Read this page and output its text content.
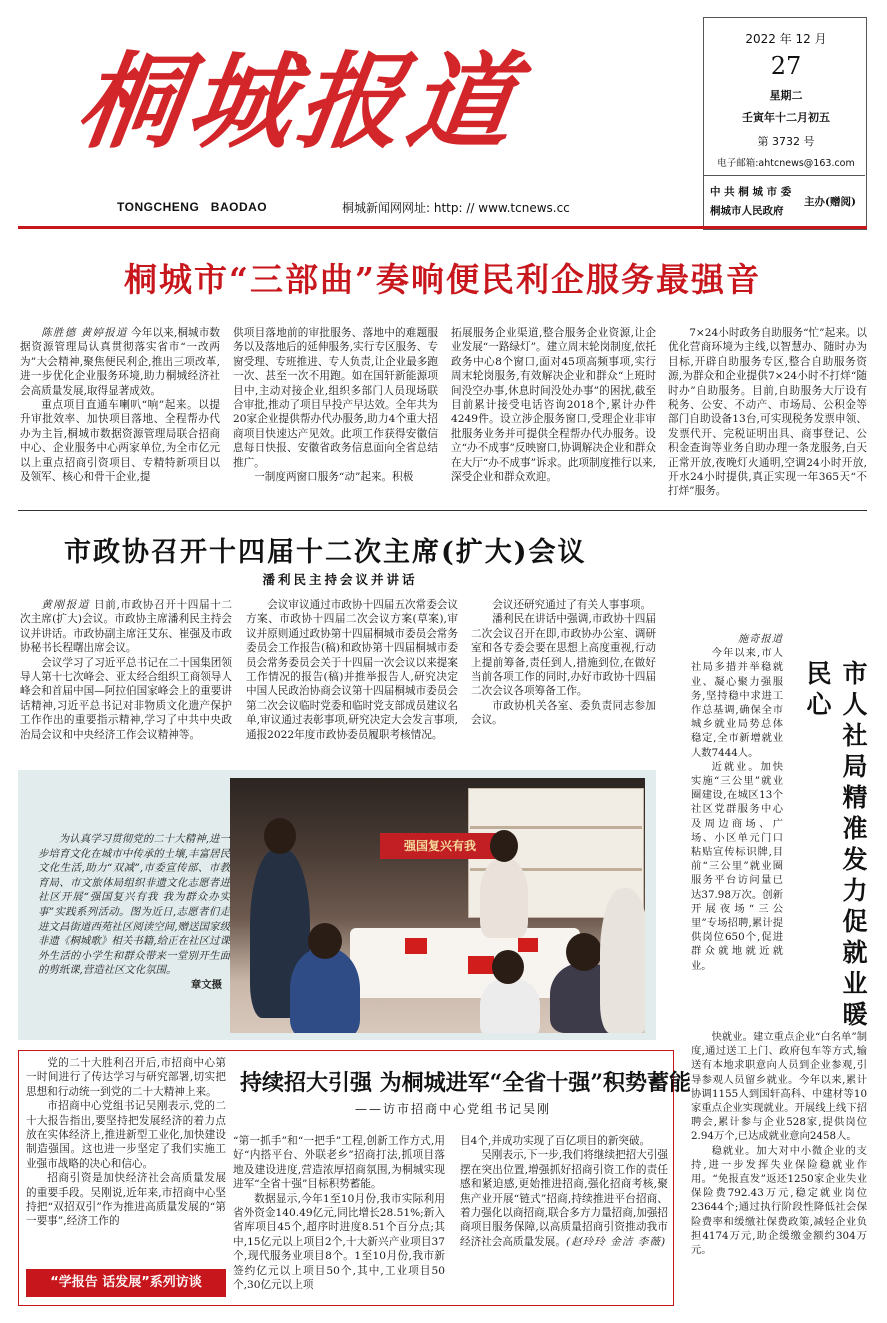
桐城报道
TONGCHENG   BAODAO	桐城新闻网网址: http: // www.tcnews.cc
2022 年 12 月
27
星期二
壬寅年十二月初五
第 3732 号
电子邮箱:ahtcnews@163.com
中 共 桐 城 市 委
桐城市人民政府
主办(赠阅)
桐城市“三部曲”奏响便民利企服务最强音

陈胜德 黄婷报道 今年以来,桐城市数据资源管理局认真贯彻落实省市“一改两为”大会精神,聚焦便民利企,推出三项改革,进一步优化企业服务环境,助力桐城经济社会高质量发展,取得显著成效。

重点项目直通车喇叭“响”起来。以提升审批效率、加快项目落地、全程帮办代办为主旨,桐城市数据资源管理局联合招商中心、企业服务中心两家单位,为全市亿元以上重点招商引资项目、专精特新项目以及领军、核心和骨干企业,提

供项目落地前的审批服务、落地中的难题服务以及落地后的延伸服务,实行专区服务、专窗受理、专班推进、专人负责,让企业最多跑一次、甚至一次不用跑。如在国轩新能源项目中,主动对接企业,组织多部门人员现场联合审批,推动了项目早投产早达效。全年共为20家企业提供帮办代办服务,助力4个重大招商项目快速达产见效。此项工作获得安徽信息每日快报、安徽省政务信息面向全省总结推广。

一制度两窗口服务“动”起来。积极

拓展服务企业渠道,整合服务企业资源,让企业发展“一路绿灯”。建立周末轮岗制度,依托政务中心8个窗口,面对45项高频事项,实行周末轮岗服务,有效解决企业和群众“上班时间没空办事,休息时间没处办事”的困扰,截至目前累计接受电话咨询2018个,累计办件4249件。设立涉企服务窗口,受理企业非审批服务业务并可提供全程帮办代办服务。设立“办不成事”反映窗口,协调解决企业和群众在大厅“办不成事”诉求。此项制度推行以来,深受企业和群众欢迎。

7×24小时政务自助服务“忙”起来。以优化营商环境为主线,以智慧办、随时办为目标,开辟自助服务专区,整合自助服务资源,为群众和企业提供7×24小时不打烊“随时办”自助服务。目前,自助服务大厅设有税务、公安、不动产、市场局、公积金等部门自助设备13台,可实现税务发票申领、发票代开、完税证明出具、商事登记、公积金查询等业务自助办理一条龙服务,白天正常开放,夜晚灯火通明,空调24小时开放,开水24小时提供,真正实现一年365天“不打烊”服务。

市政协召开十四届十二次主席(扩大)会议
潘利民主持会议并讲话

黄刚报道 日前,市政协召开十四届十二次主席(扩大)会议。市政协主席潘利民主持会议并讲话。市政协副主席汪艾东、崔强及市政协秘书长程曙出席会议。

会议学习了习近平总书记在二十国集团领导人第十七次峰会、亚太经合组织工商领导人峰会和首届中国—阿拉伯国家峰会上的重要讲话精神,习近平总书记对非物质文化遗产保护工作作出的重要指示精神,学习了中共中央政治局会议和中央经济工作会议精神等。

会议审议通过市政协十四届五次常委会议方案、市政协十四届二次会议方案(草案),审议并原则通过政协第十四届桐城市委员会常务委员会工作报告(稿)和政协第十四届桐城市委员会常务委员会关于十四届一次会议以来提案工作情况的报告(稿)并推举报告人,研究决定中国人民政治协商会议第十四届桐城市委员会第二次会议临时党委和临时党支部成员建议名单,审议通过表彰事项,研究决定大会发言事项,通报2022年度市政协委员履职考核情况。

会议还研究通过了有关人事事项。

潘利民在讲话中强调,市政协十四届二次会议召开在即,市政协办公室、调研室和各专委会要在思想上高度重视,行动上提前筹备,责任到人,措施到位,在做好当前各项工作的同时,办好市政协十四届二次会议各项筹备工作。

市政协机关各室、委负责同志参加会议。

为认真学习贯彻党的二十大精神,进一步培育文化在城市中传承的土壤,丰富居民文化生活,助力“双减”,市委宣传部、市教育局、市文旅体局组织非遗文化志愿者进社区开展“强国复兴有我 我为群众办实事”实践系列活动。图为近日,志愿者们走进文昌街道西苑社区阅读空间,赠送国家级非遗《桐城歌》相关书籍,给正在社区过课外生活的小学生和群众带来一堂别开生面的剪纸课,营造社区文化氛围。

章文摄

强国复兴有我

施奇报道

今年以来,市人社局多措并举稳就业、凝心聚力强服务,坚持稳中求进工作总基调,确保全市城乡就业局势总体稳定,全市新增就业人数7444人。

近就业。加快实施“三公里”就业圈建设,在城区13个社区党群服务中心及周边商场、广场、小区单元门口粘贴宣传标识牌,目前“三公里”就业圈服务平台访问量已达37.98万次。创新开展夜场“三公里”专场招聘,累计提供岗位650个,促进群众就地就近就业。	市人社局精准发力促就业暖民心

快就业。建立重点企业“白名单”制度,通过送工上门、政府包车等方式,输送有本地求职意向人员到企业参观,引导参观人员留乡就业。今年以来,累计协调1155人到国轩高科、中建材等10家重点企业实现就业。开展线上线下招聘会,累计参与企业528家,提供岗位2.94万个,已达成就业意向2458人。

稳就业。加大对中小微企业的支持,进一步发挥失业保险稳就业作用。“免报直发”返还1250家企业失业保险费792.43万元,稳定就业岗位23644个;通过执行阶段性降低社会保险费率和缓缴社保费政策,减轻企业负担4174万元,助企缓缴金额约304万元。

党的二十大胜利召开后,市招商中心第一时间进行了传达学习与研究部署,切实把思想和行动统一到党的二十大精神上来。

市招商中心党组书记吴刚表示,党的二十大报告指出,要坚持把发展经济的着力点放在实体经济上,推进新型工业化,加快建设制造强国。这也进一步坚定了我们实施工业强市战略的决心和信心。

招商引资是加快经济社会高质量发展的重要手段。吴刚说,近年来,市招商中心坚持把“双招双引”作为推进高质量发展的“第一要事”,经济工作的

“学报告 话发展”系列访谈
持续招大引强 为桐城进军“全省十强”积势蓄能
——访市招商中心党组书记吴刚

“第一抓手”和“一把手”工程,创新工作方式,用好“内搭平台、外联老乡”招商打法,抓项目落地及建设进度,营造浓厚招商氛围,为桐城实现进军“全省十强”目标积势蓄能。

数据显示,今年1至10月份,我市实际利用省外资金140.49亿元,同比增长28.51%;新入省库项目45个,超序时进度8.51个百分点;其中,15亿元以上项目2个,十大新兴产业项目37个,现代服务业项目8个。1至10月份,我市新签约亿元以上项目50个,其中,工业项目50个,30亿元以上项

目4个,并成功实现了百亿项目的新突破。

吴刚表示,下一步,我们将继续把招大引强摆在突出位置,增强抓好招商引资工作的责任感和紧迫感,更始推进招商,强化招商考核,聚焦产业开展“链式”招商,持续推进平台招商、着力强化以商招商,联合多方力量招商,加强招商项目服务保障,以高质量招商引资推动我市经济社会高质量发展。(赵玲玲 金洁 李薇)
